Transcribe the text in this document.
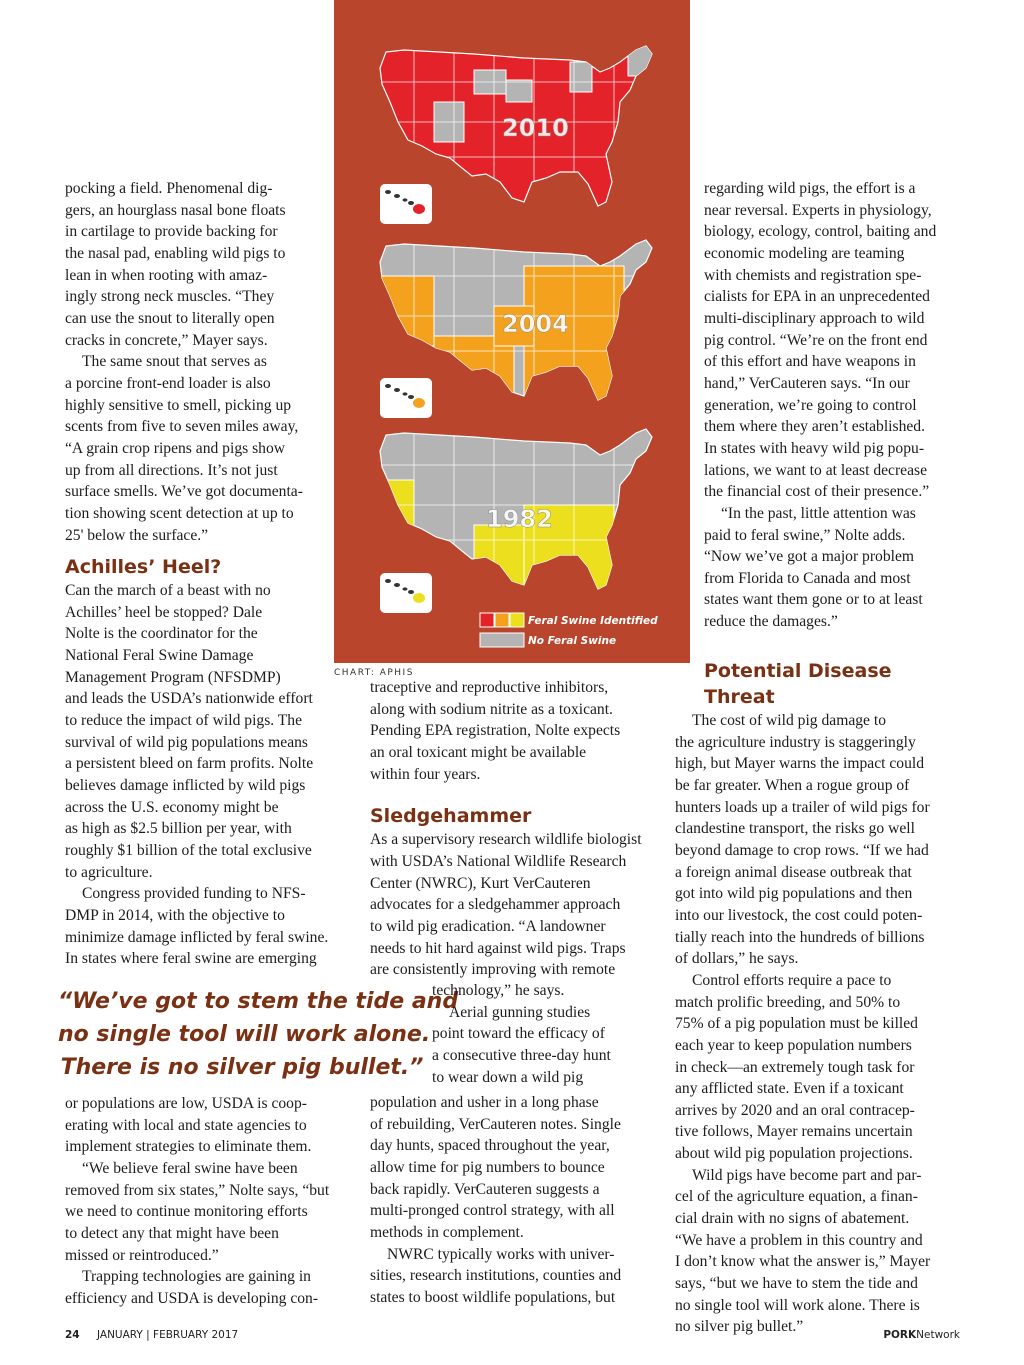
2010
2004
1982
Feral Swine Identified
No Feral Swine
CHART: APHIS

pocking a field. Phenomenal dig-
gers, an hourglass nasal bone floats
in cartilage to provide backing for
the nasal pad, enabling wild pigs to
lean in when rooting with amaz-
ingly strong neck muscles. “They
can use the snout to literally open
cracks in concrete,” Mayer says.

The same snout that serves as
a porcine front-end loader is also
highly sensitive to smell, picking up
scents from five to seven miles away,
“A grain crop ripens and pigs show
up from all directions. It’s not just
surface smells. We’ve got documenta-
tion showing scent detection at up to
25' below the surface.”

Achilles’ Heel?

Can the march of a beast with no
Achilles’ heel be stopped? Dale
Nolte is the coordinator for the
National Feral Swine Damage
Management Program (NFSDMP)
and leads the USDA’s nationwide effort
to reduce the impact of wild pigs. The
survival of wild pig populations means
a persistent bleed on farm profits. Nolte
believes damage inflicted by wild pigs
across the U.S. economy might be
as high as $2.5 billion per year, with
roughly $1 billion of the total exclusive
to agriculture.

Congress provided funding to NFS-
DMP in 2014, with the objective to
minimize damage inflicted by feral swine.
In states where feral swine are emerging

“We’ve got to stem the tide and
no single tool will work alone.
There is no silver pig bullet.”

or populations are low, USDA is coop-
erating with local and state agencies to
implement strategies to eliminate them.

“We believe feral swine have been
removed from six states,” Nolte says, “but
we need to continue monitoring efforts
to detect any that might have been
missed or reintroduced.”

Trapping technologies are gaining in
efficiency and USDA is developing con-

traceptive and reproductive inhibitors,
along with sodium nitrite as a toxicant.
Pending EPA registration, Nolte expects
an oral toxicant might be available
within four years.

Sledgehammer

As a supervisory research wildlife biologist
with USDA’s National Wildlife Research
Center (NWRC), Kurt VerCauteren
advocates for a sledgehammer approach
to wild pig eradication. “A landowner
needs to hit hard against wild pigs. Traps
are consistently improving with remote

technology,” he says.

Aerial gunning studies
point toward the efficacy of
a consecutive three-day hunt
to wear down a wild pig

population and usher in a long phase
of rebuilding, VerCauteren notes. Single
day hunts, spaced throughout the year,
allow time for pig numbers to bounce
back rapidly. VerCauteren suggests a
multi-pronged control strategy, with all
methods in complement.

NWRC typically works with univer-
sities, research institutions, counties and
states to boost wildlife populations, but

regarding wild pigs, the effort is a
near reversal. Experts in physiology,
biology, ecology, control, baiting and
economic modeling are teaming
with chemists and registration spe-
cialists for EPA in an unprecedented
multi-disciplinary approach to wild
pig control. “We’re on the front end
of this effort and have weapons in
hand,” VerCauteren says. “In our
generation, we’re going to control
them where they aren’t established.
In states with heavy wild pig popu-
lations, we want to at least decrease
the financial cost of their presence.”

“In the past, little attention was
paid to feral swine,” Nolte adds.
“Now we’ve got a major problem
from Florida to Canada and most
states want them gone or to at least
reduce the damages.”

Potential Disease Threat

The cost of wild pig damage to
the agriculture industry is staggeringly
high, but Mayer warns the impact could
be far greater. When a rogue group of
hunters loads up a trailer of wild pigs for
clandestine transport, the risks go well
beyond damage to crop rows. “If we had
a foreign animal disease outbreak that
got into wild pig populations and then
into our livestock, the cost could poten-
tially reach into the hundreds of billions
of dollars,” he says.

Control efforts require a pace to
match prolific breeding, and 50% to
75% of a pig population must be killed
each year to keep population numbers
in check—an extremely tough task for
any afflicted state. Even if a toxicant
arrives by 2020 and an oral contracep-
tive follows, Mayer remains uncertain
about wild pig population projections.

Wild pigs have become part and par-
cel of the agriculture equation, a finan-
cial drain with no signs of abatement.
“We have a problem in this country and
I don’t know what the answer is,” Mayer
says, “but we have to stem the tide and
no single tool will work alone. There is
no silver pig bullet.”

24 JANUARY | FEBRUARY 2017	PORKNetwork
